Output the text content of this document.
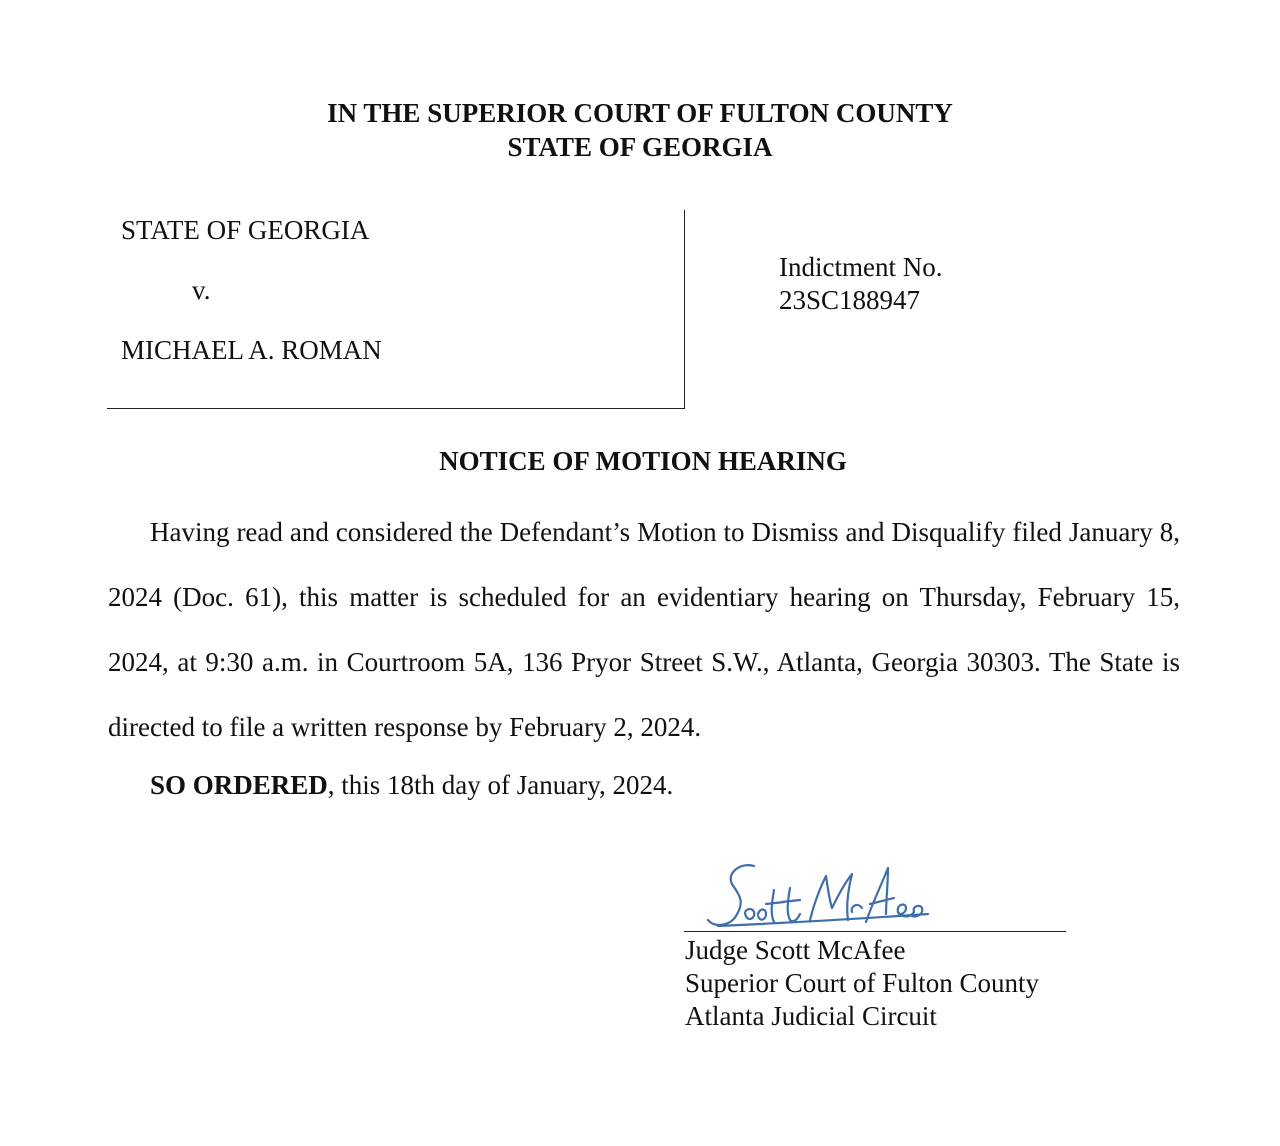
IN THE SUPERIOR COURT OF FULTON COUNTY
STATE OF GEORGIA
STATE OF GEORGIA
v.
MICHAEL A. ROMAN
Indictment No.
23SC188947
NOTICE OF MOTION HEARING
Having read and considered the Defendant’s Motion to Dismiss and Disqualify filed January 8, 2024 (Doc. 61), this matter is scheduled for an evidentiary hearing on Thursday, February 15, 2024, at 9:30 a.m. in Courtroom 5A, 136 Pryor Street S.W., Atlanta, Georgia 30303. The State is directed to file a written response by February 2, 2024.
SO ORDERED, this 18th day of January, 2024.
Judge Scott McAfee
Superior Court of Fulton County
Atlanta Judicial Circuit
